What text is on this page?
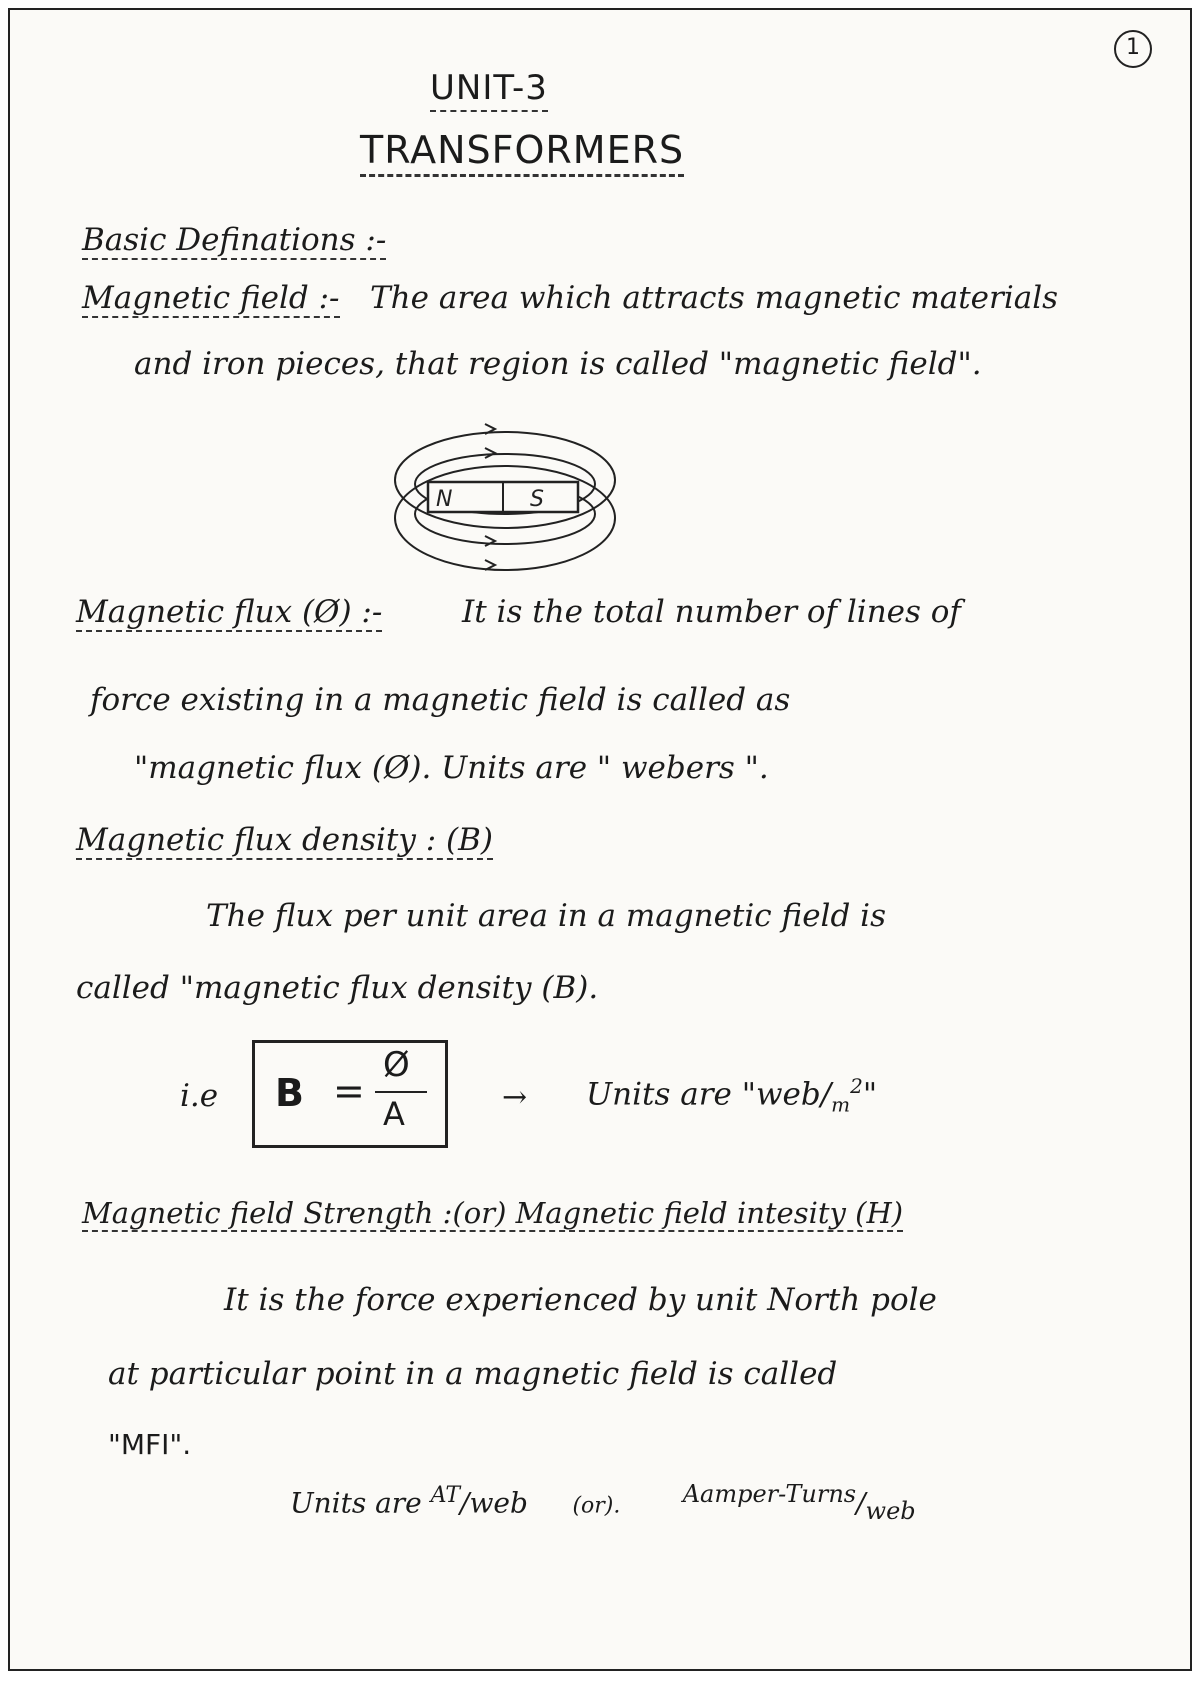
1
UNIT-3
TRANSFORMERS
Basic Definations :-
Magnetic field :- The area which attracts magnetic materials
and iron pieces, that region is called "magnetic field".
N	S
Magnetic flux (Ø) :-	It is the total number of lines of
force existing in a magnetic field is called as
"magnetic flux (Ø). Units are " webers ".
Magnetic flux density : (B)
The flux per unit area in a magnetic field is
called "magnetic flux density (B).
i.e B =
Ø
A	→ Units are "$web/_m^2$"
Magnetic field Strength :(or) Magnetic field intesity (H)
It is the force experienced by unit North pole
at particular point in a magnetic field is called
"MFI".
Units are $^{AT}$/web (or).	Aamper-Turns/web
